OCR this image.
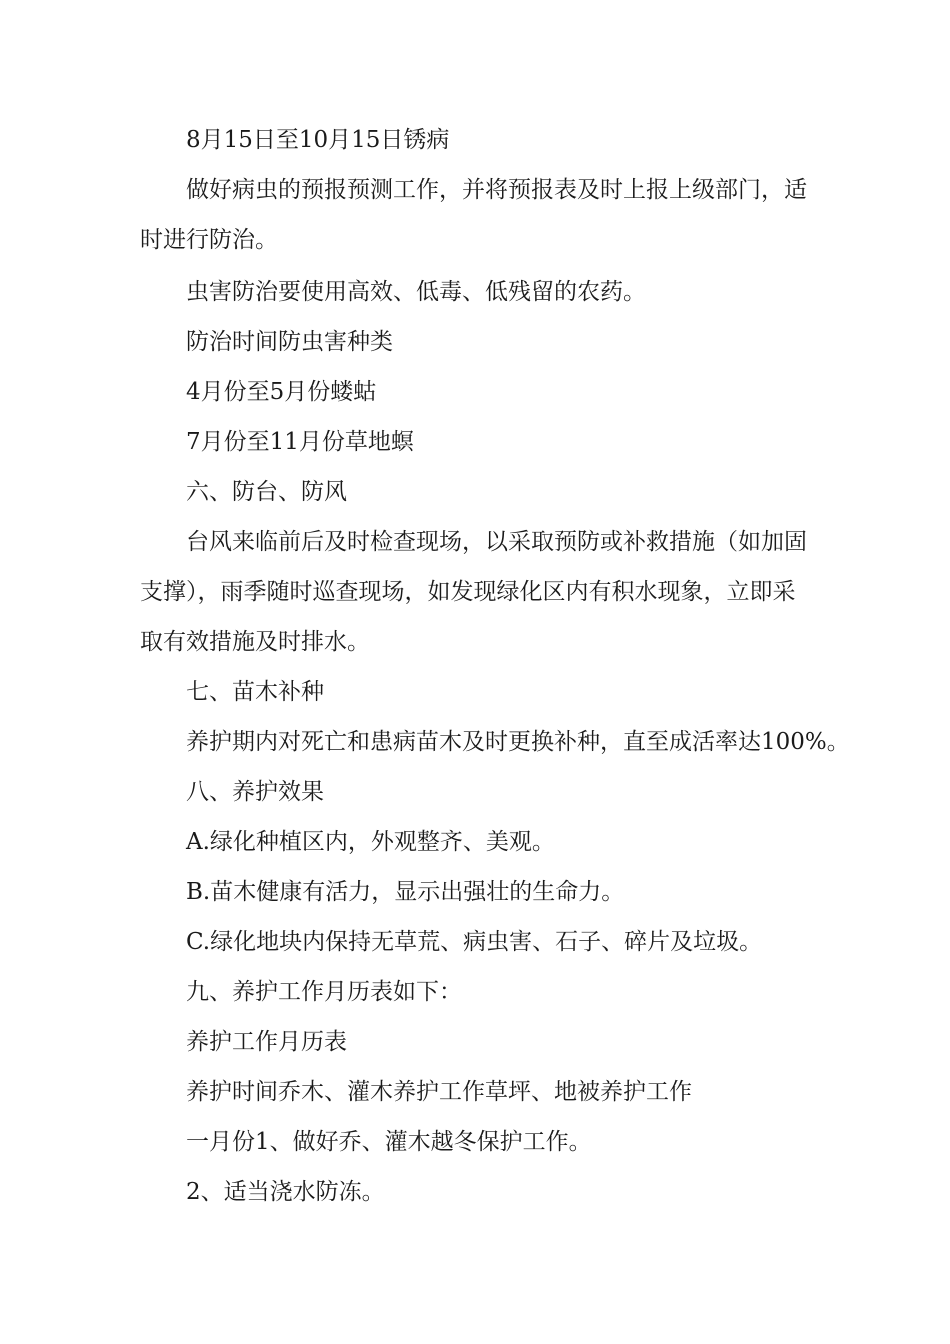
8月15日至10月15日锈病

做好病虫的预报预测工作，并将预报表及时上报上级部门，适
时进行防治。

虫害防治要使用高效、低毒、低残留的农药。

防治时间防虫害种类

4月份至5月份蝼蛄

7月份至11月份草地螟

六、防台、防风

台风来临前后及时检查现场，以采取预防或补救措施（如加固
支撑），雨季随时巡查现场，如发现绿化区内有积水现象，立即采
取有效措施及时排水。

七、苗木补种

养护期内对死亡和患病苗木及时更换补种，直至成活率达100%。

八、养护效果

A.绿化种植区内，外观整齐、美观。

B.苗木健康有活力，显示出强壮的生命力。

C.绿化地块内保持无草荒、病虫害、石子、碎片及垃圾。

九、养护工作月历表如下：

养护工作月历表

养护时间乔木、灌木养护工作草坪、地被养护工作

一月份1、做好乔、灌木越冬保护工作。

2、适当浇水防冻。
